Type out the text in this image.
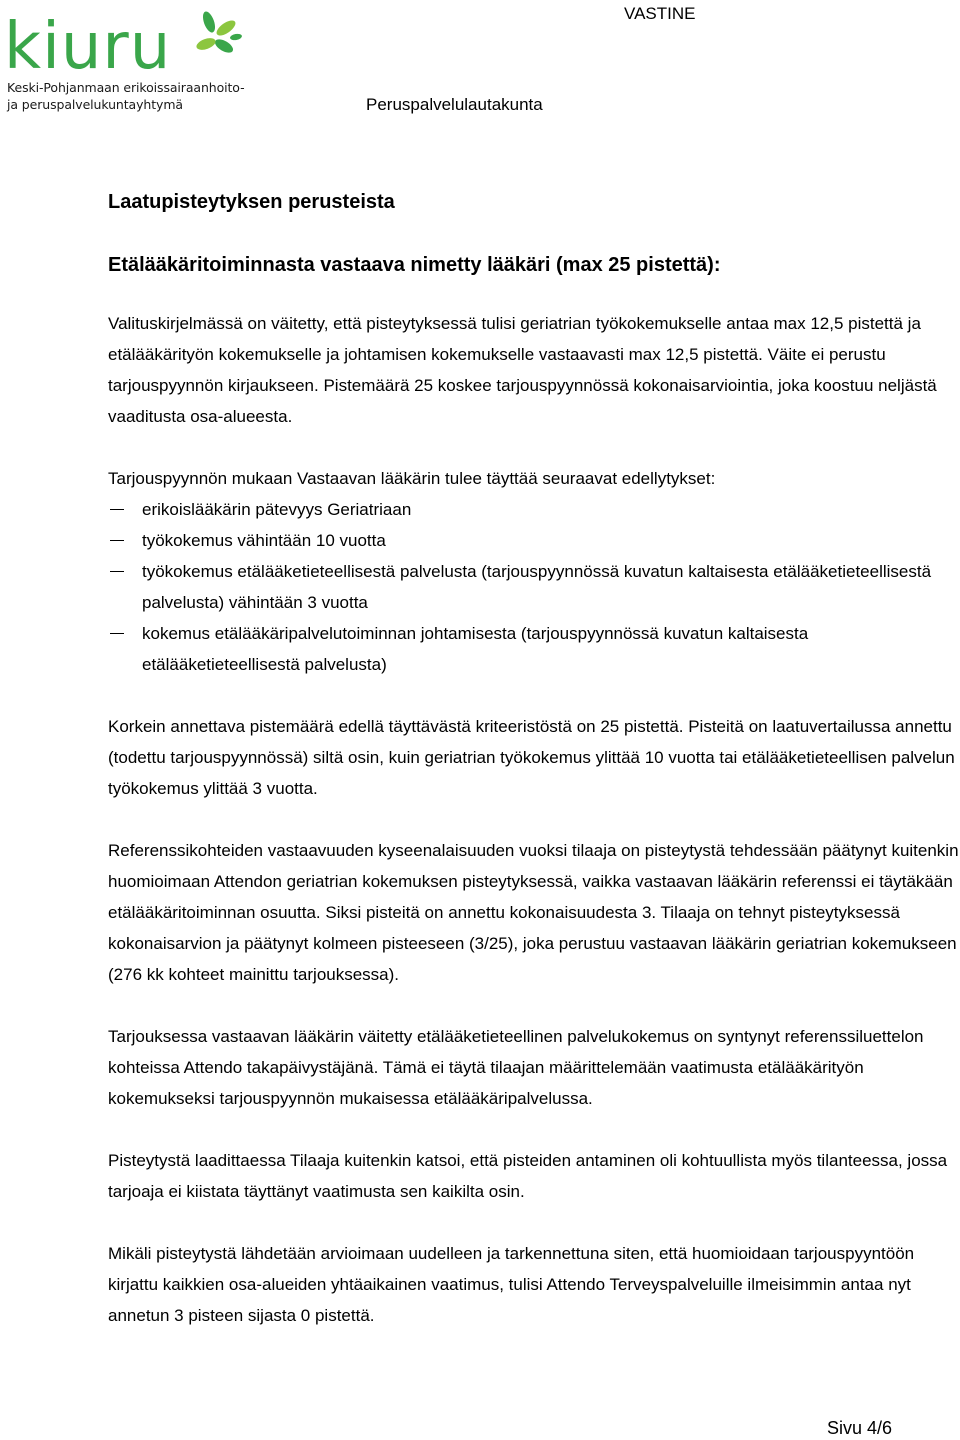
kiuru
Keski-Pohjanmaan erikoissairaanhoito-
ja peruspalvelukuntayhtymä
VASTINE
Peruspalvelulautakunta
Laatupisteytyksen perusteista
Etälääkäritoiminnasta vastaava nimetty lääkäri (max 25 pistettä):

Valituskirjelmässä on väitetty, että pisteytyksessä tulisi geriatrian työkokemukselle antaa max 12,5 pistettä ja etälääkärityön kokemukselle ja johtamisen kokemukselle vastaavasti max 12,5 pistettä. Väite ei perustu tarjouspyynnön kirjaukseen. Pistemäärä 25 koskee tarjouspyynnössä kokonaisarviointia, joka koostuu neljästä vaaditusta osa-alueesta.

Tarjouspyynnön mukaan Vastaavan lääkärin tulee täyttää seuraavat edellytykset:

erikoislääkärin pätevyys Geriatriaan
työkokemus vähintään 10 vuotta
työkokemus etälääketieteellisestä palvelusta (tarjouspyynnössä kuvatun kaltaisesta etälääketieteellisestä palvelusta) vähintään 3 vuotta
kokemus etälääkäripalvelutoiminnan johtamisesta (tarjouspyynnössä kuvatun kaltaisesta etälääketieteellisestä palvelusta)

Korkein annettava pistemäärä edellä täyttävästä kriteeristöstä on 25 pistettä. Pisteitä on laatuvertailussa annettu (todettu tarjouspyynnössä) siltä osin, kuin geriatrian työkokemus ylittää 10 vuotta tai etälääketieteellisen palvelun työkokemus ylittää 3 vuotta.

Referenssikohteiden vastaavuuden kyseenalaisuuden vuoksi tilaaja on pisteytystä tehdessään päätynyt kuitenkin huomioimaan Attendon geriatrian kokemuksen pisteytyksessä, vaikka vastaavan lääkärin referenssi ei täytäkään etälääkäritoiminnan osuutta. Siksi pisteitä on annettu kokonaisuudesta 3. Tilaaja on tehnyt pisteytyksessä kokonaisarvion ja päätynyt kolmeen pisteeseen (3/25), joka perustuu vastaavan lääkärin geriatrian kokemukseen (276 kk kohteet mainittu tarjouksessa).

Tarjouksessa vastaavan lääkärin väitetty etälääketieteellinen palvelukokemus on syntynyt referenssiluettelon kohteissa Attendo takapäivystäjänä. Tämä ei täytä tilaajan määrittelemään vaatimusta etälääkärityön kokemukseksi tarjouspyynnön mukaisessa etälääkäripalvelussa.

Pisteytystä laadittaessa Tilaaja kuitenkin katsoi, että pisteiden antaminen oli kohtuullista myös tilanteessa, jossa tarjoaja ei kiistata täyttänyt vaatimusta sen kaikilta osin.

Mikäli pisteytystä lähdetään arvioimaan uudelleen ja tarkennettuna siten, että huomioidaan tarjouspyyntöön kirjattu kaikkien osa-alueiden yhtäaikainen vaatimus, tulisi Attendo Terveyspalveluille ilmeisimmin antaa nyt annetun 3 pisteen sijasta 0 pistettä.

Sivu 4/6
